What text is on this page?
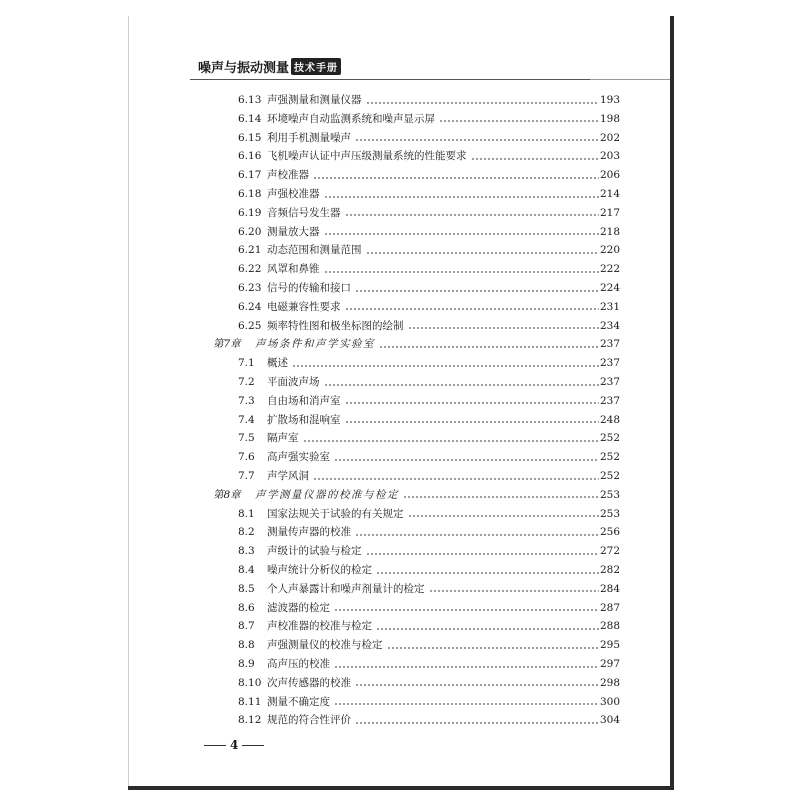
噪声与振动测量 技术手册
6.13 声强测量和测量仪器	193
6.14 环境噪声自动监测系统和噪声显示屏	198
6.15 利用手机测量噪声	202
6.16 飞机噪声认证中声压级测量系统的性能要求	203
6.17 声校准器	206
6.18 声强校准器	214
6.19 音频信号发生器	217
6.20 测量放大器	218
6.21 动态范围和测量范围	220
6.22 风罩和鼻锥	222
6.23 信号的传输和接口	224
6.24 电磁兼容性要求	231
6.25 频率特性图和极坐标图的绘制	234
第7章	声场条件和声学实验室	237
7.1	概述	237
7.2	平面波声场	237
7.3	自由场和消声室	237
7.4	扩散场和混响室	248
7.5	隔声室	252
7.6	高声强实验室	252
7.7	声学风洞	252
第8章	声学测量仪器的校准与检定	253
8.1	国家法规关于试验的有关规定	253
8.2	测量传声器的校准	256
8.3	声级计的试验与检定	272
8.4	噪声统计分析仪的检定	282
8.5	个人声暴露计和噪声剂量计的检定	284
8.6	滤波器的检定	287
8.7	声校准器的校准与检定	288
8.8	声强测量仪的校准与检定	295
8.9	高声压的校准	297
8.10 次声传感器的校准	298
8.11 测量不确定度	300
8.12 规范的符合性评价	304
4
